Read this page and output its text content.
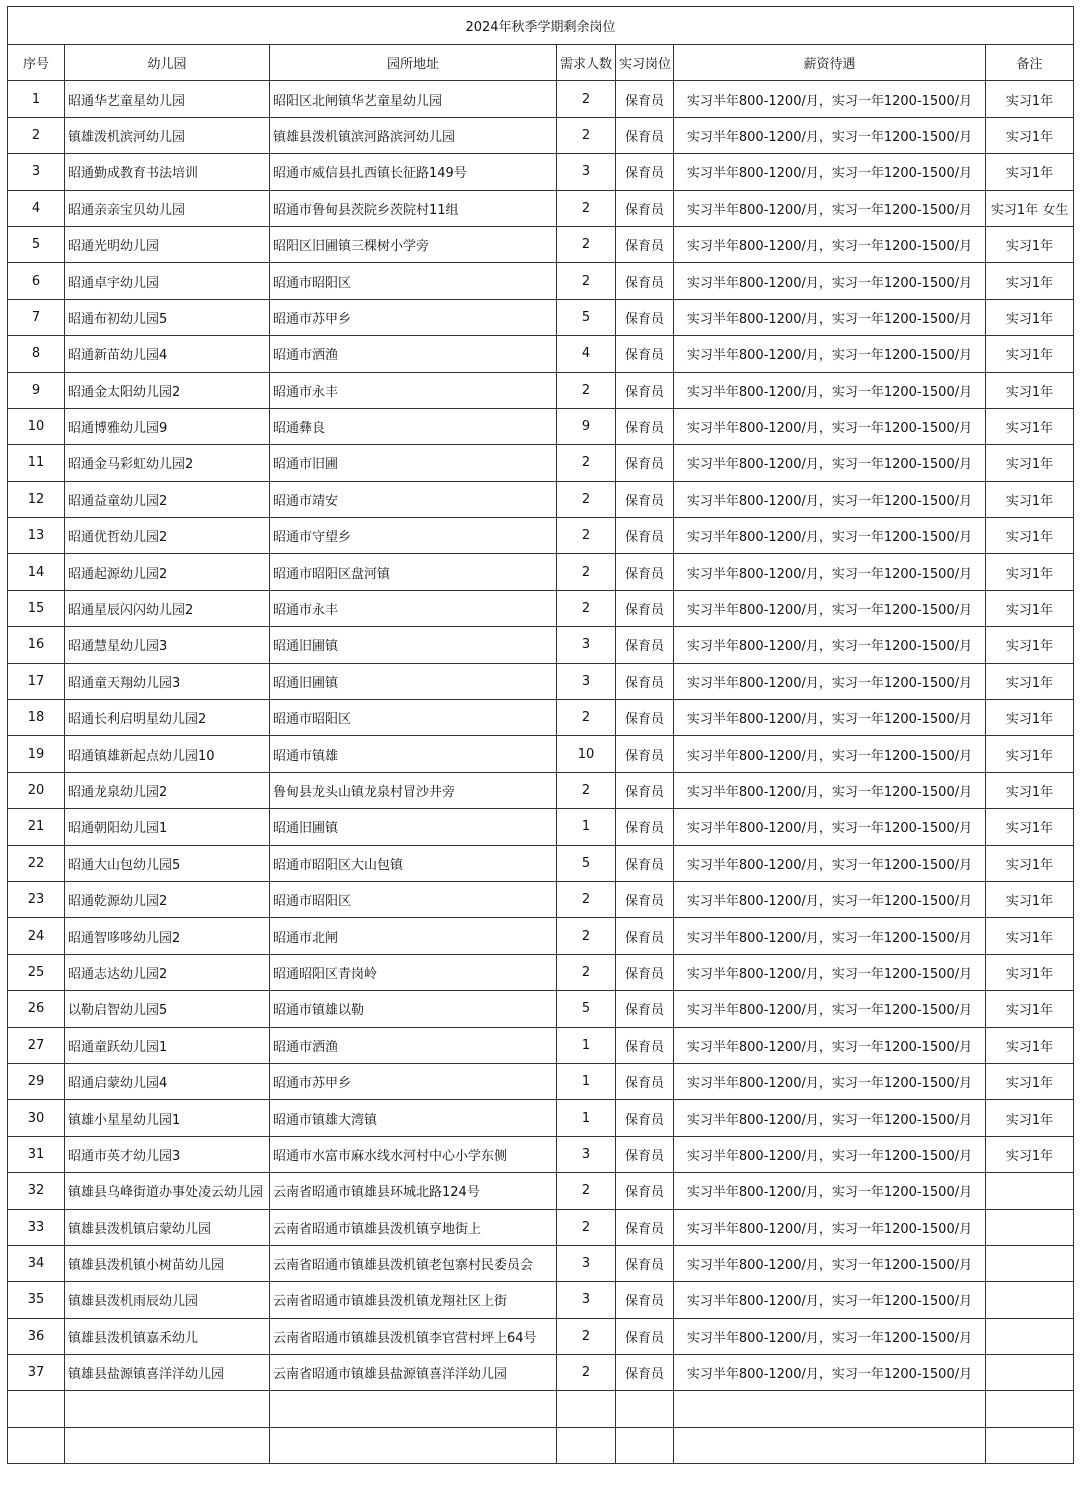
2024年秋季学期剩余岗位						
序号	幼儿园	园所地址	需求人数	实习岗位	薪资待遇	备注
1	昭通华艺童星幼儿园	昭阳区北闸镇华艺童星幼儿园	2	保育员	实习半年800-1200/月，实习一年1200-1500/月	实习1年
2	镇雄泼机滨河幼儿园	镇雄县泼机镇滨河路滨河幼儿园	2	保育员	实习半年800-1200/月，实习一年1200-1500/月	实习1年
3	昭通勤成教育书法培训	昭通市威信县扎西镇长征路149号	3	保育员	实习半年800-1200/月，实习一年1200-1500/月	实习1年
4	昭通亲亲宝贝幼儿园	昭通市鲁甸县茨院乡茨院村11组	2	保育员	实习半年800-1200/月，实习一年1200-1500/月	实习1年 女生
5	昭通光明幼儿园	昭阳区旧圃镇三棵树小学旁	2	保育员	实习半年800-1200/月，实习一年1200-1500/月	实习1年
6	昭通卓宇幼儿园	昭通市昭阳区	2	保育员	实习半年800-1200/月，实习一年1200-1500/月	实习1年
7	昭通布初幼儿园5	昭通市苏甲乡	5	保育员	实习半年800-1200/月，实习一年1200-1500/月	实习1年
8	昭通新苗幼儿园4	昭通市洒渔	4	保育员	实习半年800-1200/月，实习一年1200-1500/月	实习1年
9	昭通金太阳幼儿园2	昭通市永丰	2	保育员	实习半年800-1200/月，实习一年1200-1500/月	实习1年
10	昭通博雅幼儿园9	昭通彝良	9	保育员	实习半年800-1200/月，实习一年1200-1500/月	实习1年
11	昭通金马彩虹幼儿园2	昭通市旧圃	2	保育员	实习半年800-1200/月，实习一年1200-1500/月	实习1年
12	昭通益童幼儿园2	昭通市靖安	2	保育员	实习半年800-1200/月，实习一年1200-1500/月	实习1年
13	昭通优哲幼儿园2	昭通市守望乡	2	保育员	实习半年800-1200/月，实习一年1200-1500/月	实习1年
14	昭通起源幼儿园2	昭通市昭阳区盘河镇	2	保育员	实习半年800-1200/月，实习一年1200-1500/月	实习1年
15	昭通星辰闪闪幼儿园2	昭通市永丰	2	保育员	实习半年800-1200/月，实习一年1200-1500/月	实习1年
16	昭通慧星幼儿园3	昭通旧圃镇	3	保育员	实习半年800-1200/月，实习一年1200-1500/月	实习1年
17	昭通童天翔幼儿园3	昭通旧圃镇	3	保育员	实习半年800-1200/月，实习一年1200-1500/月	实习1年
18	昭通长利启明星幼儿园2	昭通市昭阳区	2	保育员	实习半年800-1200/月，实习一年1200-1500/月	实习1年
19	昭通镇雄新起点幼儿园10	昭通市镇雄	10	保育员	实习半年800-1200/月，实习一年1200-1500/月	实习1年
20	昭通龙泉幼儿园2	鲁甸县龙头山镇龙泉村冒沙井旁	2	保育员	实习半年800-1200/月，实习一年1200-1500/月	实习1年
21	昭通朝阳幼儿园1	昭通旧圃镇	1	保育员	实习半年800-1200/月，实习一年1200-1500/月	实习1年
22	昭通大山包幼儿园5	昭通市昭阳区大山包镇	5	保育员	实习半年800-1200/月，实习一年1200-1500/月	实习1年
23	昭通乾源幼儿园2	昭通市昭阳区	2	保育员	实习半年800-1200/月，实习一年1200-1500/月	实习1年
24	昭通智哆哆幼儿园2	昭通市北闸	2	保育员	实习半年800-1200/月，实习一年1200-1500/月	实习1年
25	昭通志达幼儿园2	昭通昭阳区青岗岭	2	保育员	实习半年800-1200/月，实习一年1200-1500/月	实习1年
26	以勒启智幼儿园5	昭通市镇雄以勒	5	保育员	实习半年800-1200/月，实习一年1200-1500/月	实习1年
27	昭通童跃幼儿园1	昭通市洒渔	1	保育员	实习半年800-1200/月，实习一年1200-1500/月	实习1年
29	昭通启蒙幼儿园4	昭通市苏甲乡	1	保育员	实习半年800-1200/月，实习一年1200-1500/月	实习1年
30	镇雄小星星幼儿园1	昭通市镇雄大湾镇	1	保育员	实习半年800-1200/月，实习一年1200-1500/月	实习1年
31	昭通市英才幼儿园3	昭通市水富市麻水线水河村中心小学东侧	3	保育员	实习半年800-1200/月，实习一年1200-1500/月	实习1年
32	镇雄县乌峰街道办事处凌云幼儿园	云南省昭通市镇雄县环城北路124号	2	保育员	实习半年800-1200/月，实习一年1200-1500/月	
33	镇雄县泼机镇启蒙幼儿园	云南省昭通市镇雄县泼机镇亨地街上	2	保育员	实习半年800-1200/月，实习一年1200-1500/月	
34	镇雄县泼机镇小树苗幼儿园	云南省昭通市镇雄县泼机镇老包寨村民委员会	3	保育员	实习半年800-1200/月，实习一年1200-1500/月	
35	镇雄县泼机雨辰幼儿园	云南省昭通市镇雄县泼机镇龙翔社区上街	3	保育员	实习半年800-1200/月，实习一年1200-1500/月	
36	镇雄县泼机镇嘉禾幼儿	云南省昭通市镇雄县泼机镇李官营村坪上64号	2	保育员	实习半年800-1200/月，实习一年1200-1500/月	
37	镇雄县盐源镇喜洋洋幼儿园	云南省昭通市镇雄县盐源镇喜洋洋幼儿园	2	保育员	实习半年800-1200/月，实习一年1200-1500/月	
